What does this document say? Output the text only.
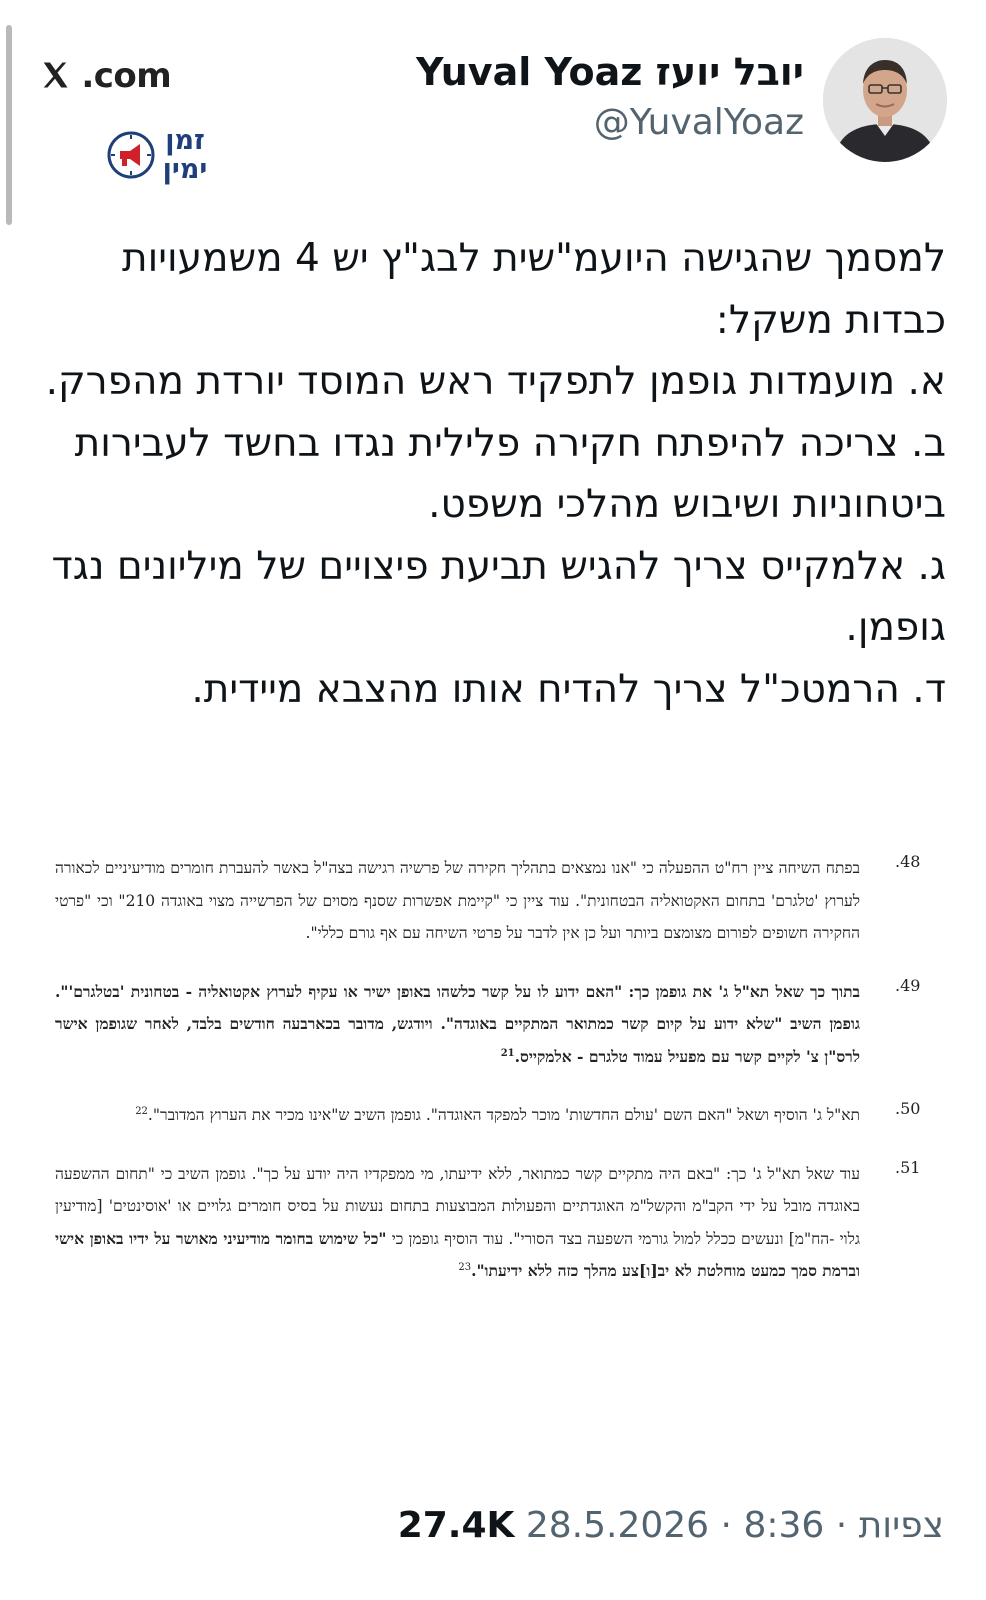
.com
זמן
ימין
Yuval Yoaz יובל יועז
@YuvalYoaz
למסמך שהגישה היועמ"שית לבג"ץ יש 4 משמעויות כבדות משקל:
א. מועמדות גופמן לתפקיד ראש המוסד יורדת מהפרק.
ב. צריכה להיפתח חקירה פלילית נגדו בחשד לעבירות ביטחוניות ושיבוש מהלכי משפט.
ג. אלמקייס צריך להגיש תביעת פיצויים של מיליונים נגד גופמן.
ד. הרמטכ"ל צריך להדיח אותו מהצבא מיידית.
.48
בפתח השיחה ציין רח"ט ההפעלה כי "אנו נמצאים בתהליך חקירה של פרשיה רגישה בצה"ל באשר להעברת חומרים מודיעיניים לכאורה לערוץ 'טלגרם' בתחום האקטואליה הבטחונית". עוד ציין כי "קיימת אפשרות שסנף מסוים של הפרשייה מצוי באוגדה 210" וכי "פרטי החקירה חשופים לפורום מצומצם ביותר ועל כן אין לדבר על פרטי השיחה עם אף גורם כללי".
.49
בתוך כך שאל תא"ל ג' את גופמן כך: "האם ידוע לו על קשר כלשהו באופן ישיר או עקיף לערוץ אקטואליה - בטחונית 'בטלגרם'". גופמן השיב "שלא ידוע על קיום קשר כמתואר המתקיים באוגדה". ויודגש, מדובר בכארבעה חודשים בלבד, לאחר שגופמן אישר לרס"ן צ' לקיים קשר עם מפעיל עמוד טלגרם - אלמקייס.$^{21}$
.50
תא"ל ג' הוסיף ושאל "האם השם 'עולם החדשות' מוכר למפקד האוגדה". גופמן השיב ש"אינו מכיר את הערוץ המדובר".$^{22}$
.51
עוד שאל תא"ל ג' כך: "באם היה מתקיים קשר כמתואר, ללא ידיעתו, מי ממפקדיו היה יודע על כך". גופמן השיב כי "תחום ההשפעה באוגדה מובל על ידי הקב"מ והקשל"מ האוגדתיים והפעולות המבוצעות בתחום נעשות על בסיס חומרים גלויים או 'אוסינטים' [מודיעין גלוי -הח"מ] ונעשים ככלל למול גורמי השפעה בצד הסורי". עוד הוסיף גופמן כי "כל שימוש בחומר מודיעיני מאושר על ידיו באופן אישי וברמת סמך כמעט מוחלטת לא יב[ו]צע מהלך כזה ללא ידיעתו".$^{23}$
27.4K	צפיות · 8:36 · 28.5.2026
